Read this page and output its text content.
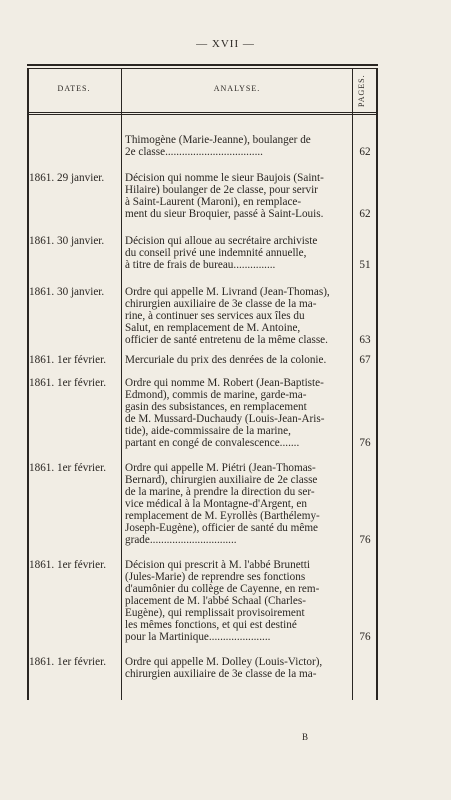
— XVII —
DATES.	ANALYSE.	PAGES.
Thimogène (Marie-Jeanne), boulanger de
2e classe...................................	62
1861. 29 janvier.	Décision qui nomme le sieur Baujois (Saint-
Hilaire) boulanger de 2e classe, pour servir
à Saint-Laurent (Maroni), en remplace-
ment du sieur Broquier, passé à Saint-Louis.	62
1861. 30 janvier.	Décision qui alloue au secrétaire archiviste
du conseil privé une indemnité annuelle,
à titre de frais de bureau...............	51
1861. 30 janvier.	Ordre qui appelle M. Livrand (Jean-Thomas),
chirurgien auxiliaire de 3e classe de la ma-
rine, à continuer ses services aux îles du
Salut, en remplacement de M. Antoine,
officier de santé entretenu de la même classe.	63
1861. 1er février.	Mercuriale du prix des denrées de la colonie.	67
1861. 1er février.	Ordre qui nomme M. Robert (Jean-Baptiste-
Edmond), commis de marine, garde-ma-
gasin des subsistances, en remplacement
de M. Mussard-Duchaudy (Louis-Jean-Aris-
tide), aide-commissaire de la marine,
partant en congé de convalescence.......	76
1861. 1er février.	Ordre qui appelle M. Piétri (Jean-Thomas-
Bernard), chirurgien auxiliaire de 2e classe
de la marine, à prendre la direction du ser-
vice médical à la Montagne-d'Argent, en
remplacement de M. Eyrollès (Barthélemy-
Joseph-Eugène), officier de santé du même
grade...............................	76
1861. 1er février.	Décision qui prescrit à M. l'abbé Brunetti
(Jules-Marie) de reprendre ses fonctions
d'aumônier du collège de Cayenne, en rem-
placement de M. l'abbé Schaal (Charles-
Eugène), qui remplissait provisoirement
les mêmes fonctions, et qui est destiné
pour la Martinique......................	76
1861. 1er février.	Ordre qui appelle M. Dolley (Louis-Victor),
chirurgien auxiliaire de 3e classe de la ma-
B
